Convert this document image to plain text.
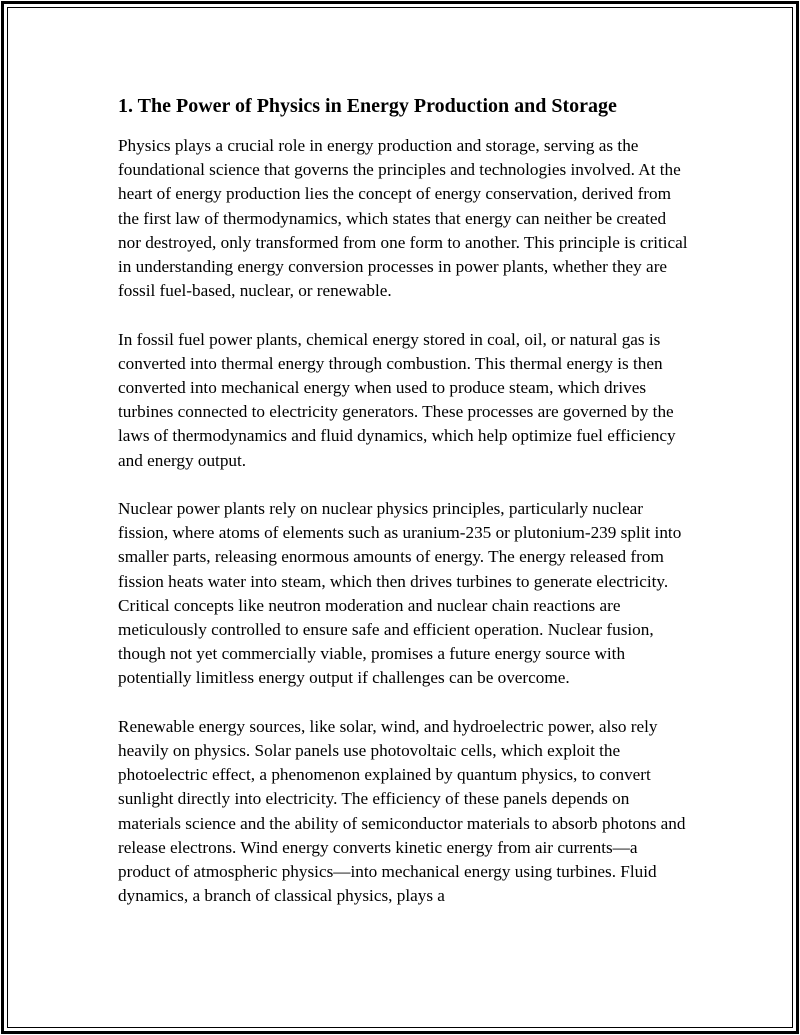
1. The Power of Physics in Energy Production and Storage

Physics plays a crucial role in energy production and storage, serving as the foundational science that governs the principles and technologies involved. At the heart of energy production lies the concept of energy conservation, derived from the first law of thermodynamics, which states that energy can neither be created nor destroyed, only transformed from one form to another. This principle is critical in understanding energy conversion processes in power plants, whether they are fossil fuel-based, nuclear, or renewable.

In fossil fuel power plants, chemical energy stored in coal, oil, or natural gas is converted into thermal energy through combustion. This thermal energy is then converted into mechanical energy when used to produce steam, which drives turbines connected to electricity generators. These processes are governed by the laws of thermodynamics and fluid dynamics, which help optimize fuel efficiency and energy output.

Nuclear power plants rely on nuclear physics principles, particularly nuclear fission, where atoms of elements such as uranium-235 or plutonium-239 split into smaller parts, releasing enormous amounts of energy. The energy released from fission heats water into steam, which then drives turbines to generate electricity. Critical concepts like neutron moderation and nuclear chain reactions are meticulously controlled to ensure safe and efficient operation. Nuclear fusion, though not yet commercially viable, promises a future energy source with potentially limitless energy output if challenges can be overcome.

Renewable energy sources, like solar, wind, and hydroelectric power, also rely heavily on physics. Solar panels use photovoltaic cells, which exploit the photoelectric effect, a phenomenon explained by quantum physics, to convert sunlight directly into electricity. The efficiency of these panels depends on materials science and the ability of semiconductor materials to absorb photons and release electrons. Wind energy converts kinetic energy from air currents—a product of atmospheric physics—into mechanical energy using turbines. Fluid dynamics, a branch of classical physics, plays a
